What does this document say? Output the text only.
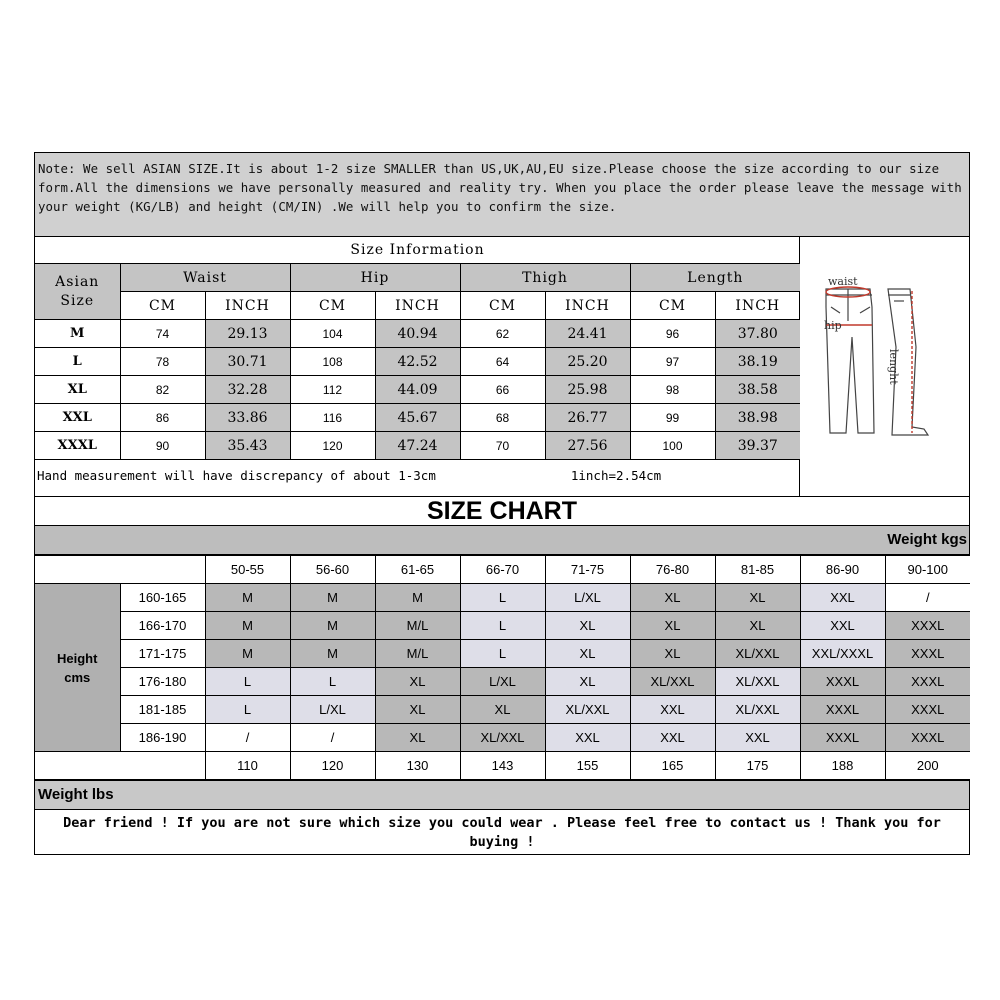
Note: We sell ASIAN SIZE.It is about 1-2 size SMALLER than US,UK,AU,EU size.Please choose the size according to our size form.All the dimensions we have personally measured and reality try. When you place the order please leave the message with your weight (KG/LB) and height (CM/IN) .We will help you to confirm the size.
Size Information								
Asian Size	Waist		Hip		Thigh		Length	
	CM	INCH	CM	INCH	CM	INCH	CM	INCH
M	74	29.13	104	40.94	62	24.41	96	37.80
L	78	30.71	108	42.52	64	25.20	97	38.19
XL	82	32.28	112	44.09	66	25.98	98	38.58
XXL	86	33.86	116	45.67	68	26.77	99	38.98
XXXL	90	35.43	120	47.24	70	27.56	100	39.37
Hand measurement will have discrepancy of about 1-3cm	1inch=2.54cm
waist
hip
lenght
SIZE CHART
Weight kgs
		50-55	56-60	61-65	66-70	71-75	76-80	81-85	86-90	90-100
Height cms	160-165	M	M	M	L	L/XL	XL	XL	XXL	/
	166-170	M	M	M/L	L	XL	XL	XL	XXL	XXXL
	171-175	M	M	M/L	L	XL	XL	XL/XXL	XXL/XXXL	XXXL
	176-180	L	L	XL	L/XL	XL	XL/XXL	XL/XXL	XXXL	XXXL
	181-185	L	L/XL	XL	XL	XL/XXL	XXL	XL/XXL	XXXL	XXXL
	186-190	/	/	XL	XL/XXL	XXL	XXL	XXL	XXXL	XXXL
		110	120	130	143	155	165	175	188	200
Weight lbs
Dear friend ! If you are not sure which size you could wear . Please feel free to contact us ! Thank you for buying !
